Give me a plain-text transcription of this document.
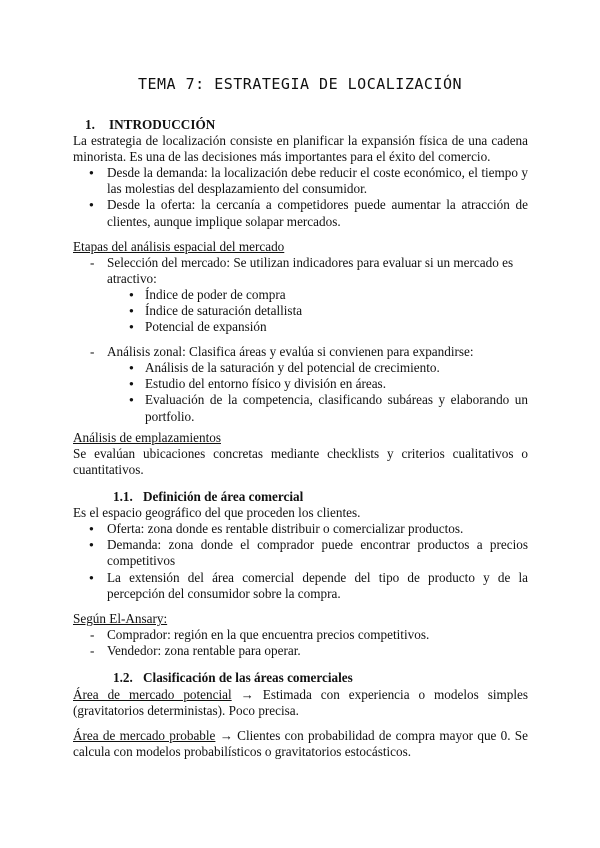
TEMA 7: ESTRATEGIA DE LOCALIZACIÓN
1. INTRODUCCIÓN
La estrategia de localización consiste en planificar la expansión física de una cadena minorista. Es una de las decisiones más importantes para el éxito del comercio.
● Desde la demanda: la localización debe reducir el coste económico, el tiempo y las molestias del desplazamiento del consumidor.
● Desde la oferta: la cercanía a competidores puede aumentar la atracción de clientes, aunque implique solapar mercados.
Etapas del análisis espacial del mercado
- Selección del mercado: Se utilizan indicadores para evaluar si un mercado es atractivo:
● Índice de poder de compra
● Índice de saturación detallista
● Potencial de expansión
- Análisis zonal: Clasifica áreas y evalúa si convienen para expandirse:
● Análisis de la saturación y del potencial de crecimiento.
● Estudio del entorno físico y división en áreas.
● Evaluación de la competencia, clasificando subáreas y elaborando un portfolio.
Análisis de emplazamientos
Se evalúan ubicaciones concretas mediante checklists y criterios cualitativos o cuantitativos.
1.1. Definición de área comercial
Es el espacio geográfico del que proceden los clientes.
● Oferta: zona donde es rentable distribuir o comercializar productos.
● Demanda: zona donde el comprador puede encontrar productos a precios competitivos
● La extensión del área comercial depende del tipo de producto y de la percepción del consumidor sobre la compra.
Según El-Ansary:
- Comprador: región en la que encuentra precios competitivos.
- Vendedor: zona rentable para operar.
1.2. Clasificación de las áreas comerciales
Área de mercado potencial → Estimada con experiencia o modelos simples (gravitatorios deterministas). Poco precisa.
Área de mercado probable → Clientes con probabilidad de compra mayor que 0. Se calcula con modelos probabilísticos o gravitatorios estocásticos.
